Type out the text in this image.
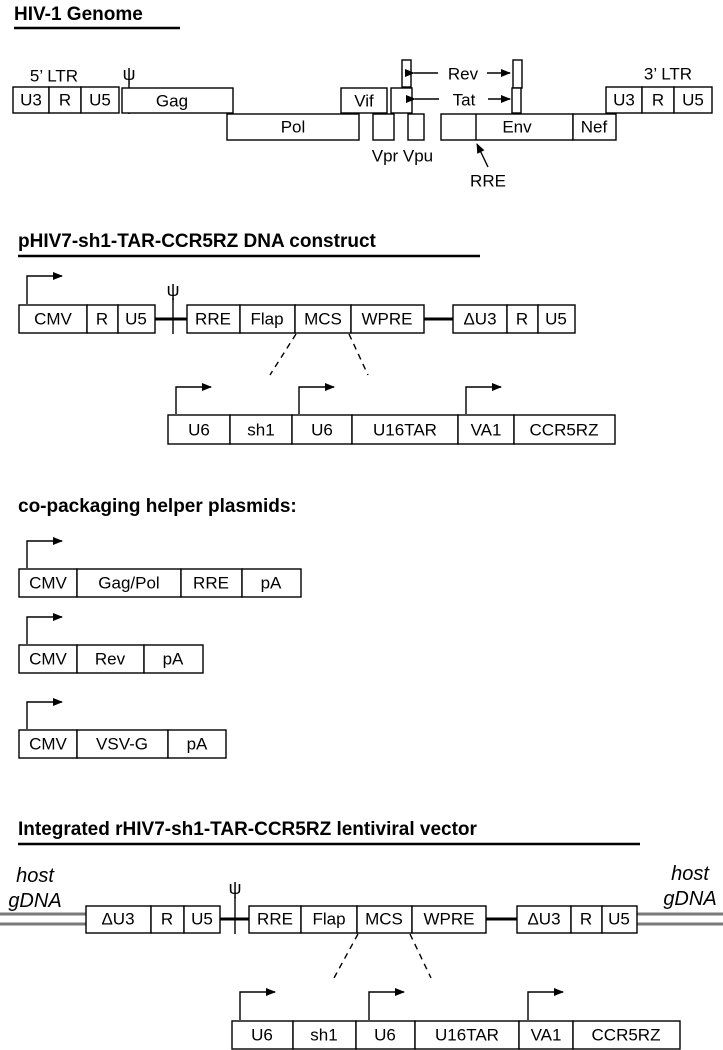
HIV-1 Genome
5’ LTR ψ
U3 R U5	Gag
Pol
Vif
Vpr Vpu
Rev
Tat
Env	Nef
RRE
3’ LTR
U3 R U5
pHIV7-sh1-TAR-CCR5RZ DNA construct
CMV R U5
ψ
RRE Flap MCS WPRE	ΔU3 R U5
U6 sh1 U6 U16TAR VA1 CCR5RZ
co-packaging helper plasmids:
CMV Gag/Pol RRE pA
CMV Rev pA
CMV VSV-G pA
Integrated rHIV7-sh1-TAR-CCR5RZ lentiviral vector
host
gDNA
host
gDNA
ΔU3 R U5
ψ
RRE Flap MCS WPRE	ΔU3 R U5
U6 sh1 U6 U16TAR VA1 CCR5RZ
